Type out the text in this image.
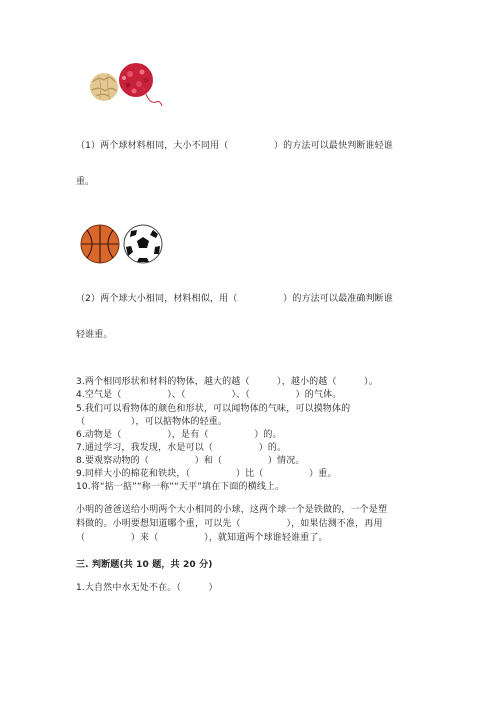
（1）两个球材料相同，大小不同用（　　　　　）的方法可以最快判断谁轻谁
重。
（2）两个球大小相同，材料相似，用（　　　　　）的方法可以最准确判断谁
轻谁重。
3.两个相同形状和材料的物体，越大的越（　　　），越小的越（　　　）。
4.空气是（　　　　　）、（　　　　　）、（　　　　　）的气体。
5.我们可以看物体的颜色和形状，可以闻物体的气味，可以摸物体的
（　　　　　），可以掂物体的轻重。
6.动物是（　　　　　），是有（　　　　　）的。
7.通过学习，我发现，水是可以（　　　　　）的。
8.要观察动物的（　　　　　）和（　　　　　）情况。
9.同样大小的棉花和铁块，（　　　　　）比（　　　　　）重。
10.将“掂一掂”“称一称”“天平”填在下面的横线上。
小明的爸爸送给小明两个大小相同的小球，这两个球一个是铁做的，一个是塑
料做的。小明要想知道哪个重，可以先（　　　　　），如果估测不准，再用
（　　　　　）来（　　　　　），就知道两个球谁轻谁重了。
三. 判断题(共 10 题，共 20 分)
1.大自然中水无处不在。（　　　）
